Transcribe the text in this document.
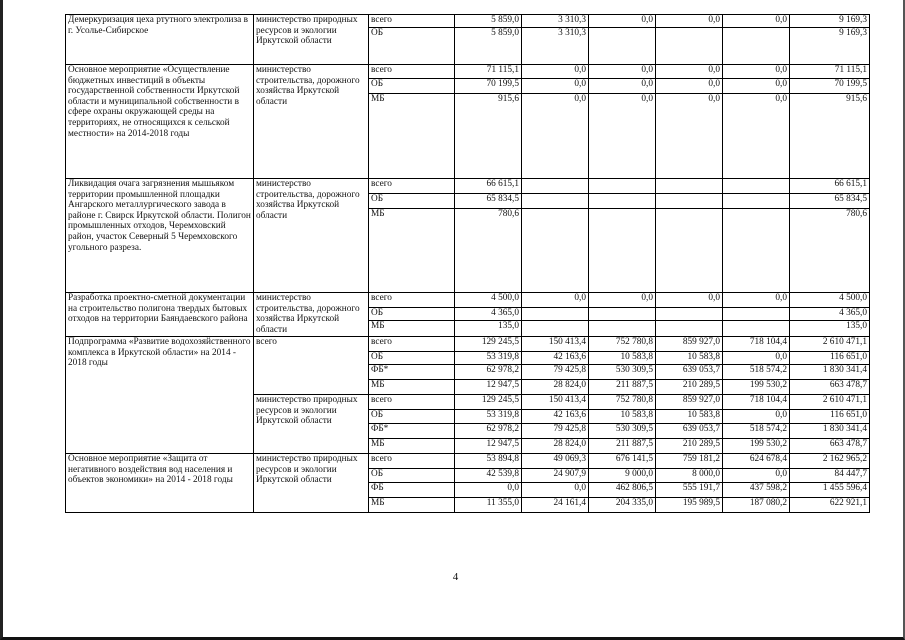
Демеркуризация цеха ртутного электролиза в г. Усолье-Сибирское	министерство природных ресурсов и экологии Иркутской области	всего	5 859,0	3 310,3	0,0	0,0	0,0	9 169,3
		ОБ	5 859,0	3 310,3				9 169,3
Основное мероприятие «Осуществление бюджетных инвестиций в объекты государственной собственности Иркутской области и муниципальной собственности в сфере охраны окружающей среды на территориях, не относящихся к сельской местности» на 2014-2018 годы	министерство строительства, дорожного хозяйства Иркутской области	всего	71 115,1	0,0	0,0	0,0	0,0	71 115,1
		ОБ	70 199,5	0,0	0,0	0,0	0,0	70 199,5
		МБ	915,6	0,0	0,0	0,0	0,0	915,6
Ликвидация очага загрязнения мышьяком территории промышленной площадки Ангарского металлургического завода в районе г. Свирск Иркутской области. Полигон промышленных отходов, Черемховский район, участок Северный 5 Черемховского угольного разреза.	министерство строительства, дорожного хозяйства Иркутской области	всего	66 615,1					66 615,1
		ОБ	65 834,5					65 834,5
		МБ	780,6					780,6
Разработка проектно-сметной документации на строительство полигона твердых бытовых отходов на территории Баяндаевского района	министерство строительства, дорожного хозяйства Иркутской области	всего	4 500,0	0,0	0,0	0,0	0,0	4 500,0
		ОБ	4 365,0					4 365,0
		МБ	135,0					135,0
Подпрограмма «Развитие водохозяйственного комплекса в Иркутской области» на 2014 - 2018 годы	всего	всего	129 245,5	150 413,4	752 780,8	859 927,0	718 104,4	2 610 471,1
		ОБ	53 319,8	42 163,6	10 583,8	10 583,8	0,0	116 651,0
		ФБ*	62 978,2	79 425,8	530 309,5	639 053,7	518 574,2	1 830 341,4
		МБ	12 947,5	28 824,0	211 887,5	210 289,5	199 530,2	663 478,7
	министерство природных ресурсов и экологии Иркутской области	всего	129 245,5	150 413,4	752 780,8	859 927,0	718 104,4	2 610 471,1
		ОБ	53 319,8	42 163,6	10 583,8	10 583,8	0,0	116 651,0
		ФБ*	62 978,2	79 425,8	530 309,5	639 053,7	518 574,2	1 830 341,4
		МБ	12 947,5	28 824,0	211 887,5	210 289,5	199 530,2	663 478,7
Основное мероприятие «Защита от негативного воздействия вод населения и объектов экономики» на 2014 - 2018 годы	министерство природных ресурсов и экологии Иркутской области	всего	53 894,8	49 069,3	676 141,5	759 181,2	624 678,4	2 162 965,2
		ОБ	42 539,8	24 907,9	9 000,0	8 000,0	0,0	84 447,7
		ФБ	0,0	0,0	462 806,5	555 191,7	437 598,2	1 455 596,4
		МБ	11 355,0	24 161,4	204 335,0	195 989,5	187 080,2	622 921,1
4
